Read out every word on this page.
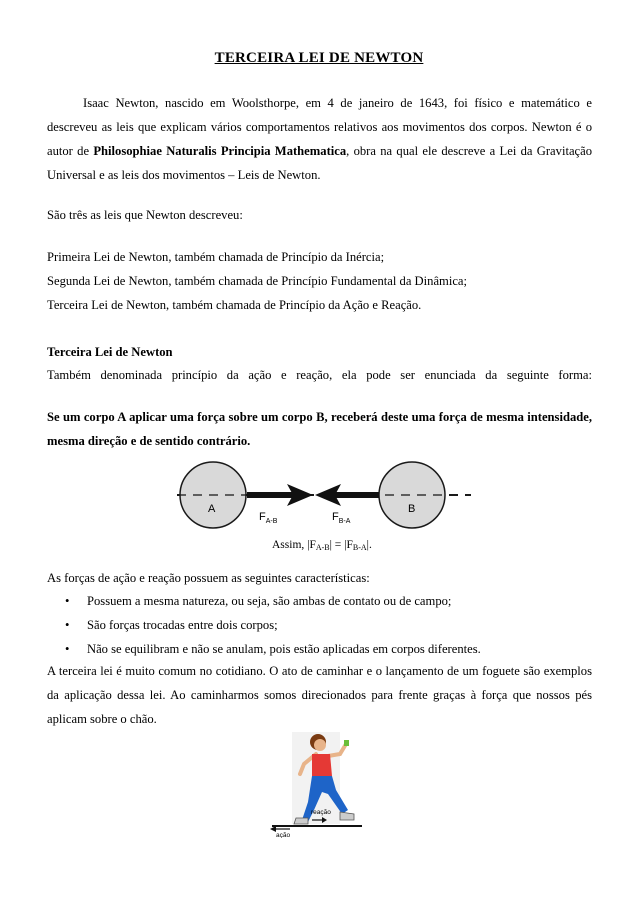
TERCEIRA LEI DE NEWTON
Isaac Newton, nascido em Woolsthorpe, em 4 de janeiro de 1643, foi físico e matemático e descreveu as leis que explicam vários comportamentos relativos aos movimentos dos corpos. Newton é o autor de Philosophiae Naturalis Principia Mathematica, obra na qual ele descreve a Lei da Gravitação Universal e as leis dos movimentos – Leis de Newton.
São três as leis que Newton descreveu:
Primeira Lei de Newton, também chamada de Princípio da Inércia;
Segunda Lei de Newton, também chamada de Princípio Fundamental da Dinâmica;
Terceira Lei de Newton, também chamada de Princípio da Ação e Reação.
Terceira Lei de Newton
Também denominada princípio da ação e reação, ela pode ser enunciada da seguinte forma:
Se um corpo A aplicar uma força sobre um corpo B, receberá deste uma força de mesma intensidade, mesma direção e de sentido contrário.
A	B
$F_{A-B}$	$F_{B-A}$
Assim, $|F_{A-B}| = |F_{B-A}|$.
As forças de ação e reação possuem as seguintes características:
• Possuem a mesma natureza, ou seja, são ambas de contato ou de campo;
• São forças trocadas entre dois corpos;
• Não se equilibram e não se anulam, pois estão aplicadas em corpos diferentes.
A terceira lei é muito comum no cotidiano. O ato de caminhar e o lançamento de um foguete são exemplos da aplicação dessa lei. Ao caminharmos somos direcionados para frente graças à força que nossos pés aplicam sobre o chão.
reação
ação
